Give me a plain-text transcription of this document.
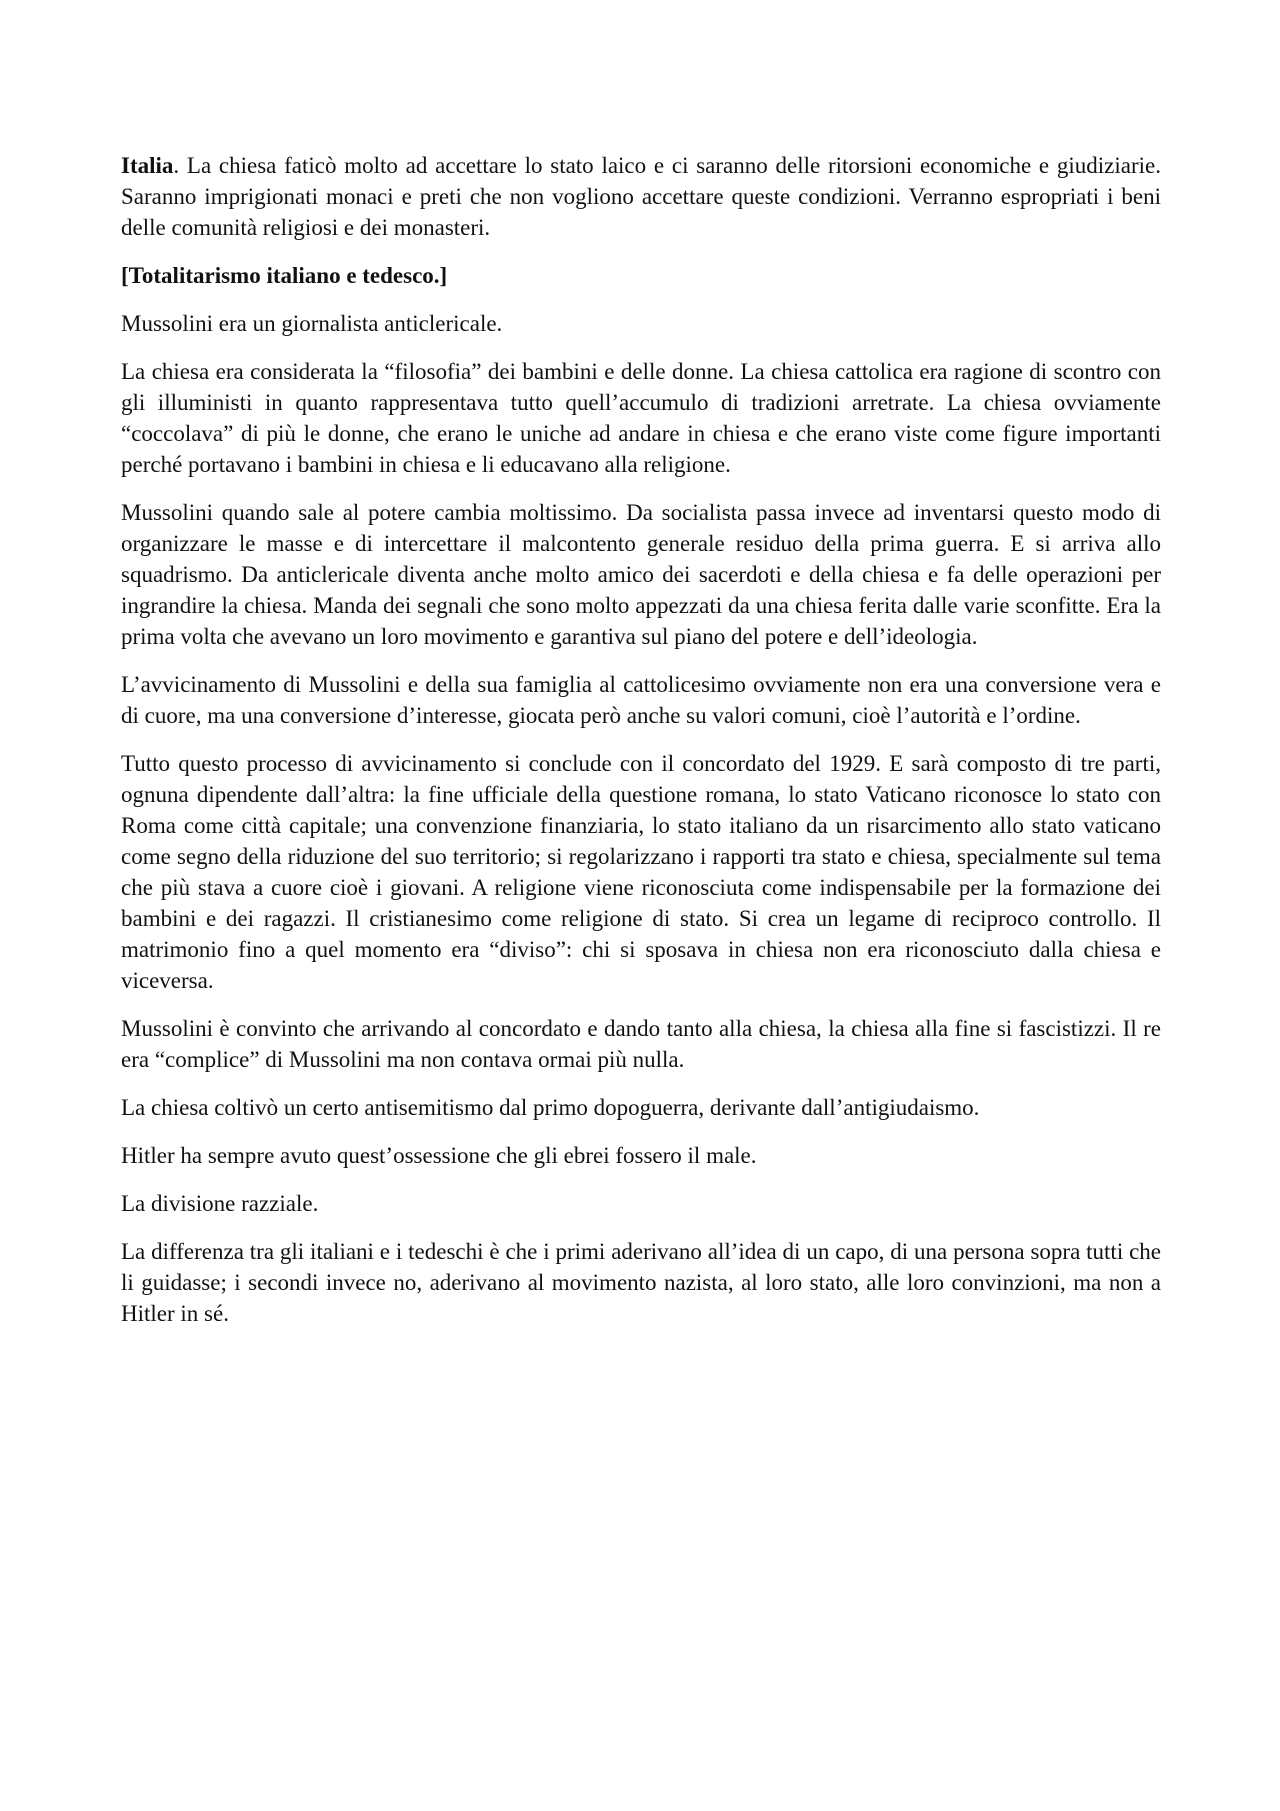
Italia. La chiesa faticò molto ad accettare lo stato laico e ci saranno delle ritorsioni economiche e giudiziarie. Saranno imprigionati monaci e preti che non vogliono accettare queste condizioni. Verranno espropriati i beni delle comunità religiosi e dei monasteri.

[Totalitarismo italiano e tedesco.]

Mussolini era un giornalista anticlericale.

La chiesa era considerata la “filosofia” dei bambini e delle donne. La chiesa cattolica era ragione di scontro con gli illuministi in quanto rappresentava tutto quell’accumulo di tradizioni arretrate. La chiesa ovviamente “coccolava” di più le donne, che erano le uniche ad andare in chiesa e che erano viste come figure importanti perché portavano i bambini in chiesa e li educavano alla religione.

Mussolini quando sale al potere cambia moltissimo. Da socialista passa invece ad inventarsi questo modo di organizzare le masse e di intercettare il malcontento generale residuo della prima guerra. E si arriva allo squadrismo. Da anticlericale diventa anche molto amico dei sacerdoti e della chiesa e fa delle operazioni per ingrandire la chiesa. Manda dei segnali che sono molto appezzati da una chiesa ferita dalle varie sconfitte. Era la prima volta che avevano un loro movimento e garantiva sul piano del potere e dell’ideologia.

L’avvicinamento di Mussolini e della sua famiglia al cattolicesimo ovviamente non era una conversione vera e di cuore, ma una conversione d’interesse, giocata però anche su valori comuni, cioè l’autorità e l’ordine.

Tutto questo processo di avvicinamento si conclude con il concordato del 1929. E sarà composto di tre parti, ognuna dipendente dall’altra: la fine ufficiale della questione romana, lo stato Vaticano riconosce lo stato con Roma come città capitale; una convenzione finanziaria, lo stato italiano da un risarcimento allo stato vaticano come segno della riduzione del suo territorio; si regolarizzano i rapporti tra stato e chiesa, specialmente sul tema che più stava a cuore cioè i giovani. A religione viene riconosciuta come indispensabile per la formazione dei bambini e dei ragazzi. Il cristianesimo come religione di stato. Si crea un legame di reciproco controllo. Il matrimonio fino a quel momento era “diviso”: chi si sposava in chiesa non era riconosciuto dalla chiesa e viceversa.

Mussolini è convinto che arrivando al concordato e dando tanto alla chiesa, la chiesa alla fine si fascistizzi. Il re era “complice” di Mussolini ma non contava ormai più nulla.

La chiesa coltivò un certo antisemitismo dal primo dopoguerra, derivante dall’antigiudaismo.

Hitler ha sempre avuto quest’ossessione che gli ebrei fossero il male.

La divisione razziale.

La differenza tra gli italiani e i tedeschi è che i primi aderivano all’idea di un capo, di una persona sopra tutti che li guidasse; i secondi invece no, aderivano al movimento nazista, al loro stato, alle loro convinzioni, ma non a Hitler in sé.
